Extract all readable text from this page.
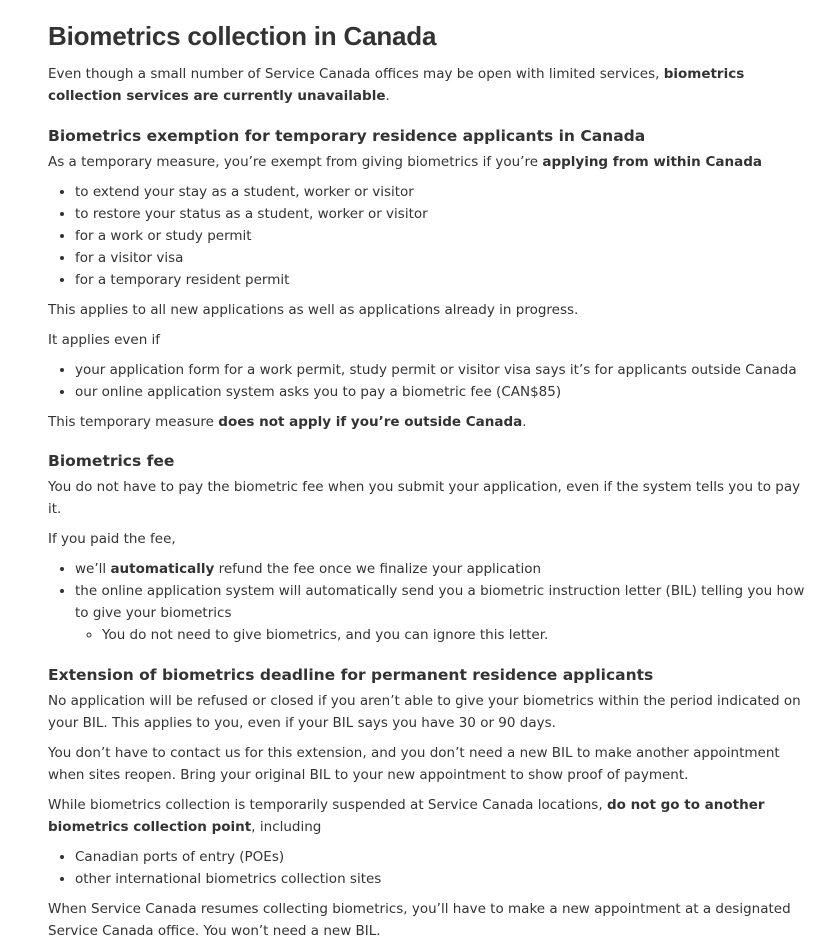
Biometrics collection in Canada

Even though a small number of Service Canada offices may be open with limited services, biometrics collection services are currently unavailable.

Biometrics exemption for temporary residence applicants in Canada

As a temporary measure, you’re exempt from giving biometrics if you’re applying from within Canada

• to extend your stay as a student, worker or visitor
• to restore your status as a student, worker or visitor
• for a work or study permit
• for a visitor visa
• for a temporary resident permit

This applies to all new applications as well as applications already in progress.

It applies even if

• your application form for a work permit, study permit or visitor visa says it’s for applicants outside Canada
• our online application system asks you to pay a biometric fee (CAN$85)

This temporary measure does not apply if you’re outside Canada.

Biometrics fee

You do not have to pay the biometric fee when you submit your application, even if the system tells you to pay it.

If you paid the fee,

• we’ll automatically refund the fee once we finalize your application
• the online application system will automatically send you a biometric instruction letter (BIL) telling you how to give your biometrics
◦ You do not need to give biometrics, and you can ignore this letter.
Extension of biometrics deadline for permanent residence applicants

No application will be refused or closed if you aren’t able to give your biometrics within the period indicated on your BIL. This applies to you, even if your BIL says you have 30 or 90 days.

You don’t have to contact us for this extension, and you don’t need a new BIL to make another appointment when sites reopen. Bring your original BIL to your new appointment to show proof of payment.

While biometrics collection is temporarily suspended at Service Canada locations, do not go to another biometrics collection point, including

• Canadian ports of entry (POEs)
• other international biometrics collection sites

When Service Canada resumes collecting biometrics, you’ll have to make a new appointment at a designated Service Canada office. You won’t need a new BIL.
